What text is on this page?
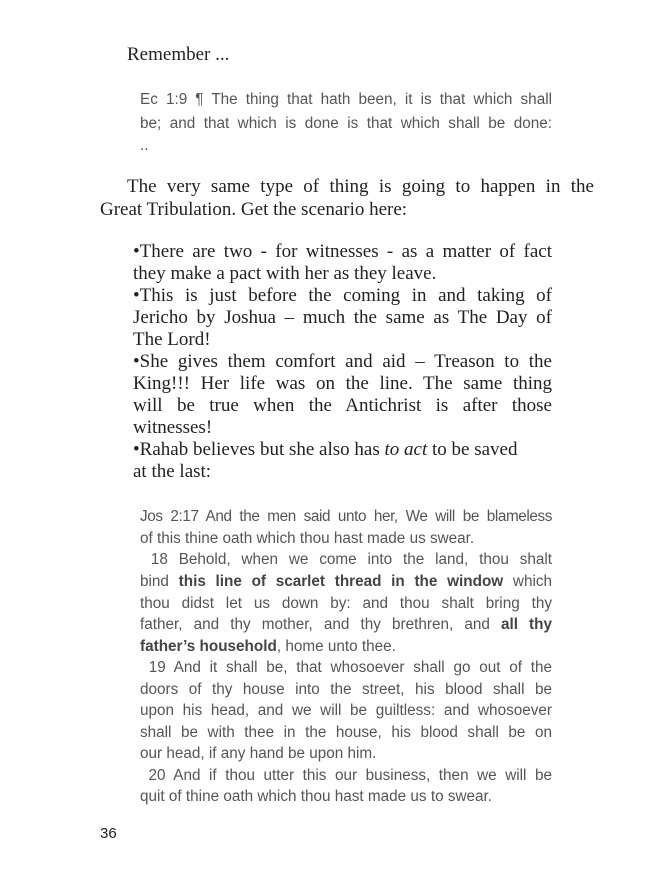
Remember ...
Ec 1:9 ¶ The thing that hath been, it is that which shall
be; and that which is done is that which shall be done:
..
The very same type of thing is going to happen in the
Great Tribulation. Get the scenario here:
•There are two - for witnesses - as a matter of fact
they make a pact with her as they leave.
•This is just before the coming in and taking of
Jericho by Joshua – much the same as The Day of
The Lord!
•She gives them comfort and aid – Treason to the
King!!! Her life was on the line. The same thing
will be true when the Antichrist is after those
witnesses!
•Rahab believes but she also has to act to be saved
at the last:
Jos 2:17 And the men said unto her, We will be blameless
of this thine oath which thou hast made us swear.
18 Behold, when we come into the land, thou shalt
bind this line of scarlet thread in the window which
thou didst let us down by: and thou shalt bring thy
father, and thy mother, and thy brethren, and all thy
father’s household, home unto thee.
19 And it shall be, that whosoever shall go out of the
doors of thy house into the street, his blood shall be
upon his head, and we will be guiltless: and whosoever
shall be with thee in the house, his blood shall be on
our head, if any hand be upon him.
20 And if thou utter this our business, then we will be
quit of thine oath which thou hast made us to swear.
36
